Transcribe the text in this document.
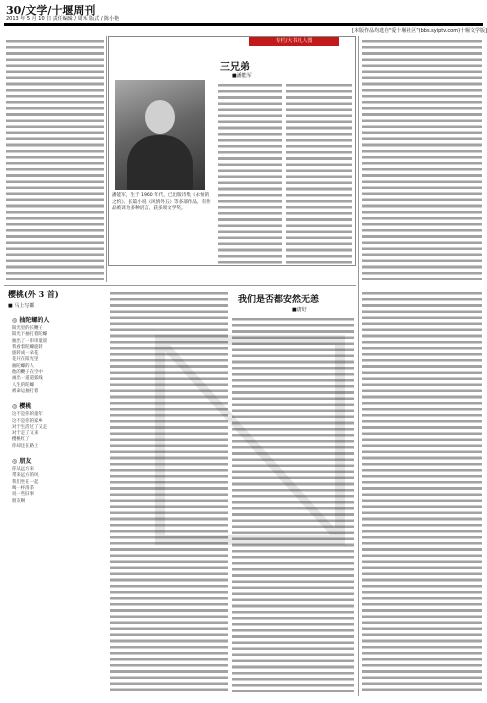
30/文学/十堰周刊
2013 年 5 月 10 日 责任编辑 / 周禾 版式 / 陈小艳
[本版作品均选自"爱十堰社区"(bbs.syiptv.com)十堰文学版]
专栏/大书凡人图
三兄弟
■潘能军
潘能军，生于 1960 年代，已出版诗集《永恒的之约》、长篇小说《风情外五》等多部作品，有作品被译为多种语言，获多项文学奖。
樱桃(外 3 首)
■ 马上写都
◎ 抽陀螺的人
阳光里的长鞭子
阳光下抽打着陀螺
抽出了一串串童谣
我看着陀螺旋转
旋转成一朵花
花开在阳光里
抽陀螺的人
他的鞭子在空中
画出一道道弧线
人生的陀螺
被命运抽打着
◎ 樱桃
这不是你的童年
这不是你的家乡
对于生活过了又走
对于走了又来
樱桃红了
你却还在路上
◎ 朋友
你从远方来
带来远方的风
我们坐在一起
喝一杯清茶
说一些旧事
朋友啊
我们是否都安然无恙
■唐好
